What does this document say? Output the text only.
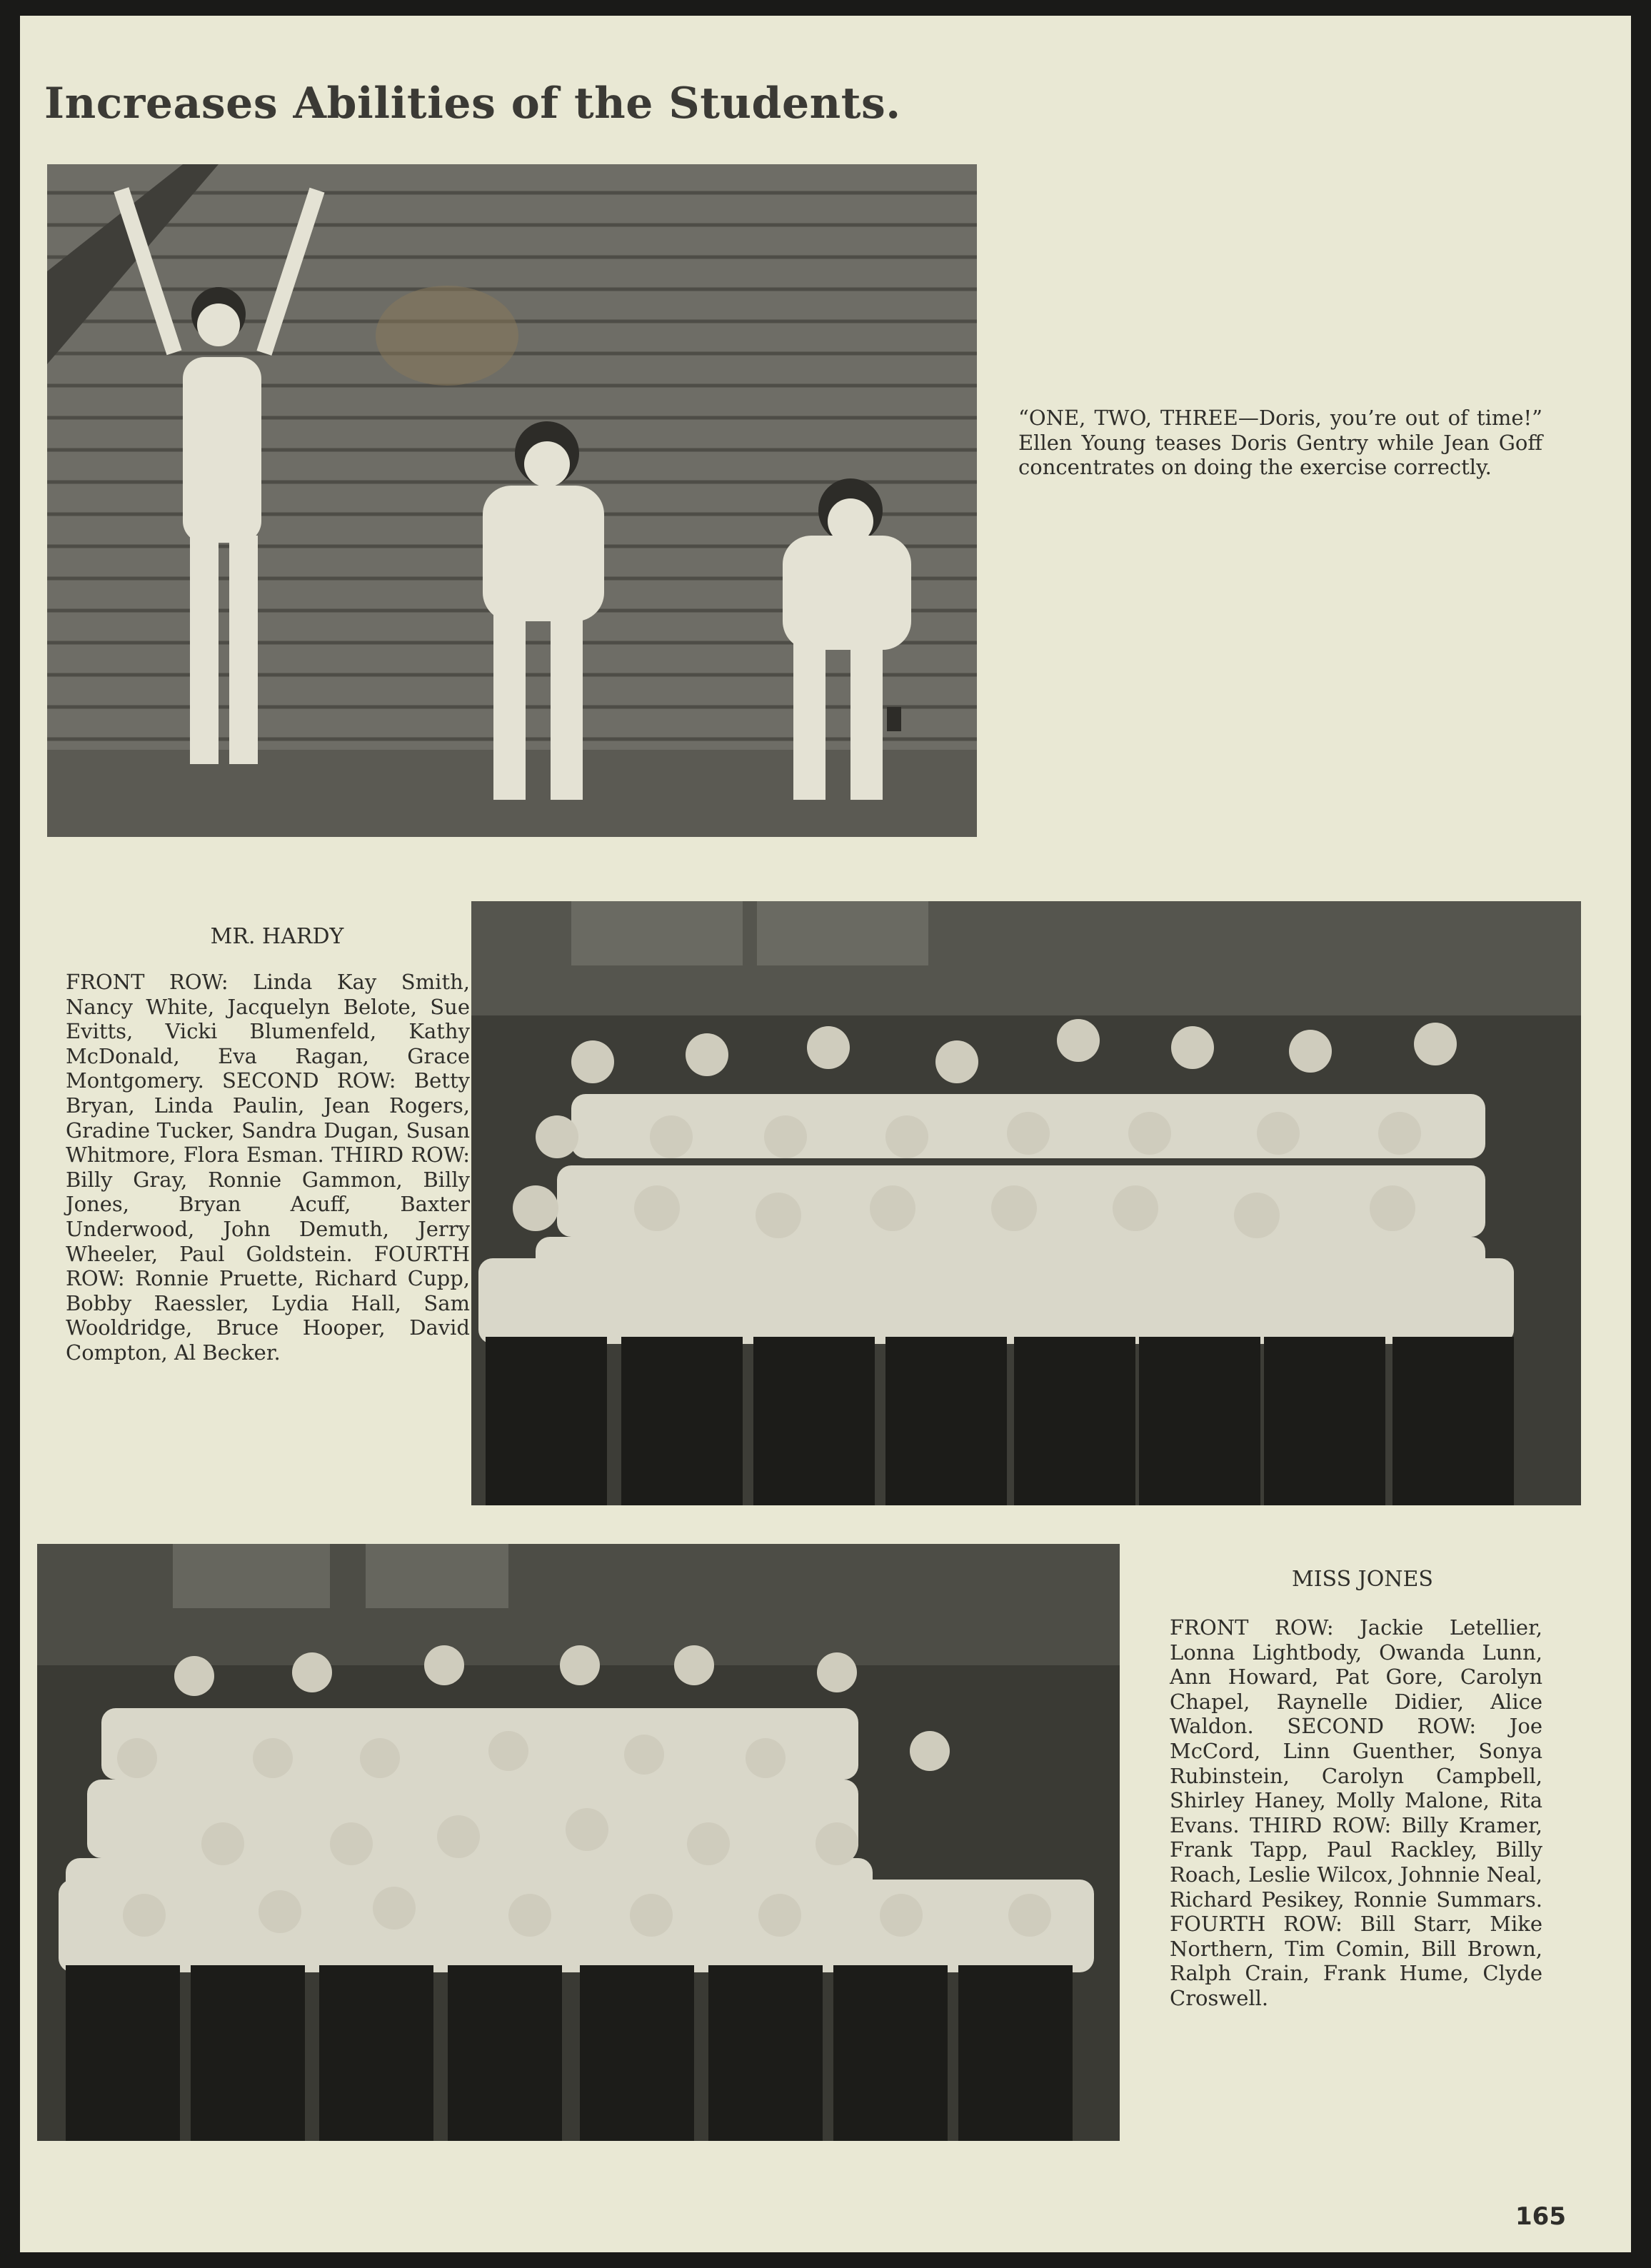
Increases Abilities of the Students.

“ONE, TWO, THREE—Doris, you’re out of time!” Ellen Young teases Doris Gentry while Jean Goff concentrates on doing the exercise correctly.

MR. HARDY

FRONT ROW: Linda Kay Smith, Nancy White, Jacquelyn Belote, Sue Evitts, Vicki Blumenfeld, Kathy McDonald, Eva Ragan, Grace Montgomery. SECOND ROW: Betty Bryan, Linda Paulin, Jean Rogers, Gradine Tucker, Sandra Dugan, Susan Whitmore, Flora Esman. THIRD ROW: Billy Gray, Ronnie Gammon, Billy Jones, Bryan Acuff, Baxter Underwood, John Demuth, Jerry Wheeler, Paul Goldstein. FOURTH ROW: Ronnie Pruette, Richard Cupp, Bobby Raessler, Lydia Hall, Sam Wooldridge, Bruce Hooper, David Compton, Al Becker.

MISS JONES

FRONT ROW: Jackie Letellier, Lonna Lightbody, Owanda Lunn, Ann Howard, Pat Gore, Carolyn Chapel, Raynelle Didier, Alice Waldon. SECOND ROW: Joe McCord, Linn Guenther, Sonya Rubinstein, Carolyn Campbell, Shirley Haney, Molly Malone, Rita Evans. THIRD ROW: Billy Kramer, Frank Tapp, Paul Rackley, Billy Roach, Leslie Wilcox, Johnnie Neal, Richard Pesikey, Ronnie Summars. FOURTH ROW: Bill Starr, Mike Northern, Tim Comin, Bill Brown, Ralph Crain, Frank Hume, Clyde Croswell.

165
